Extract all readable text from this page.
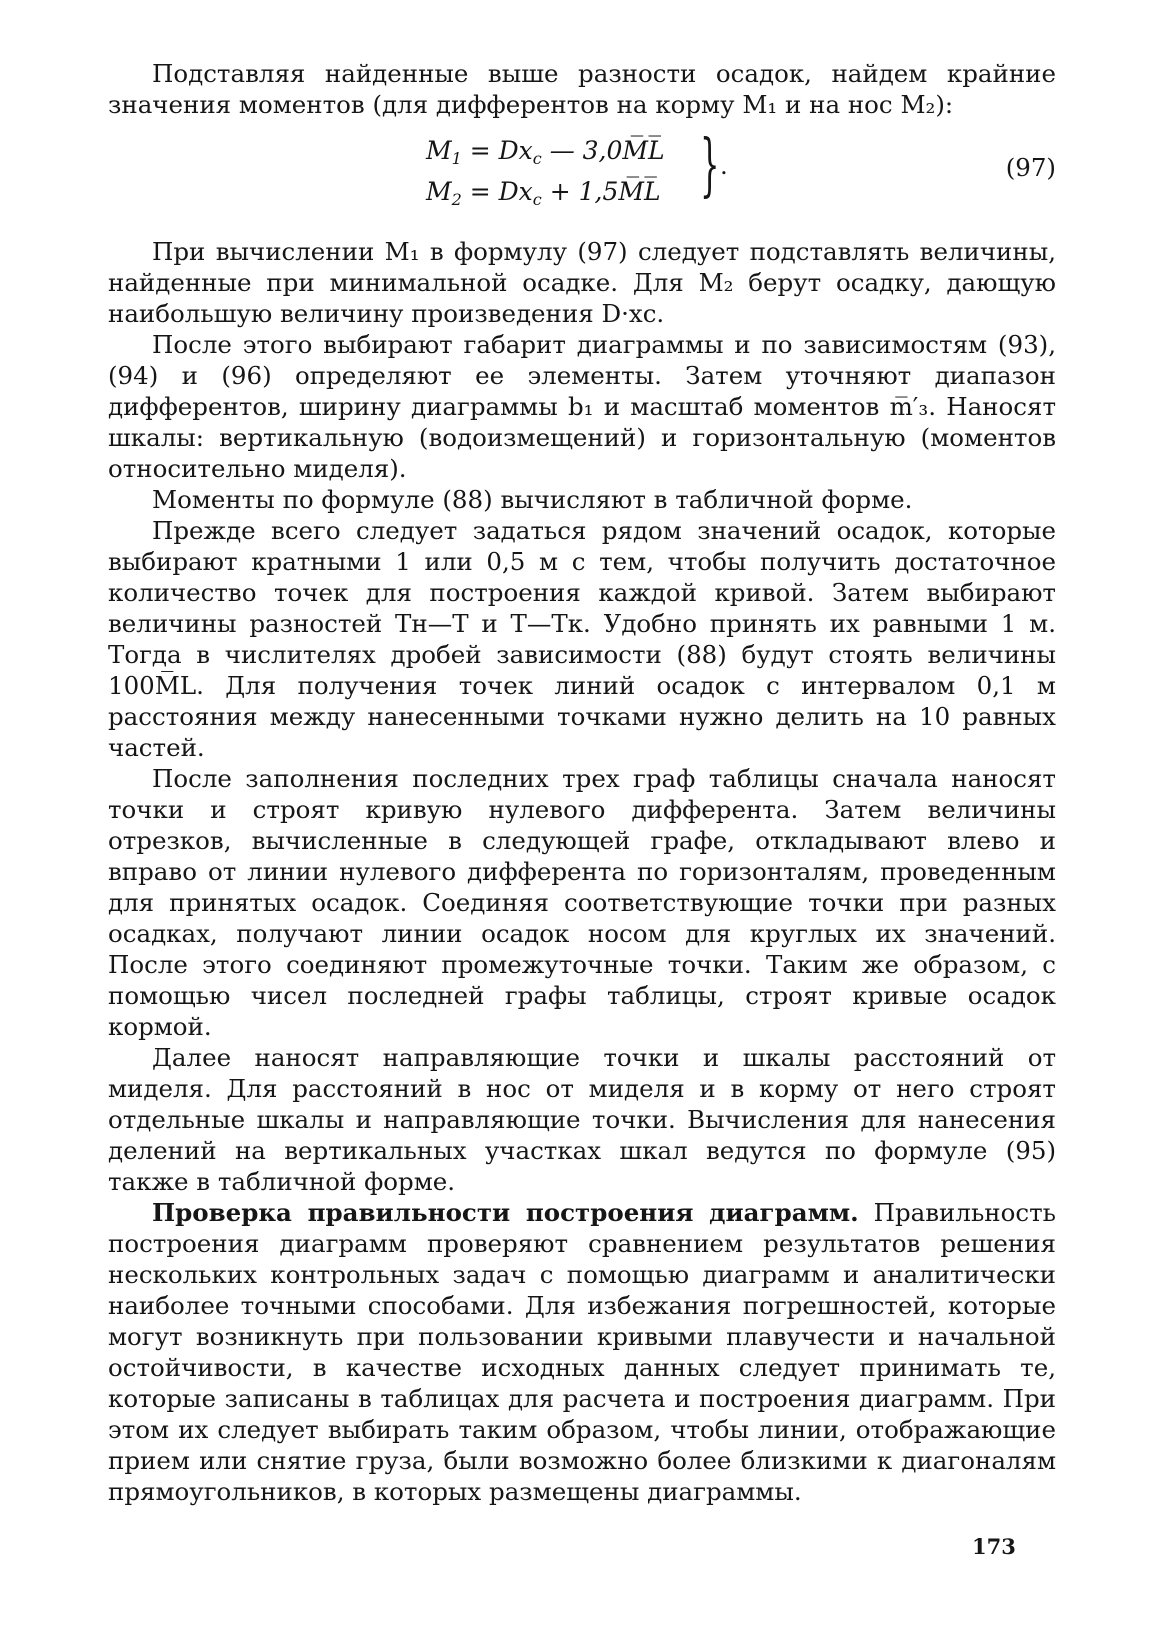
Подставляя найденные выше разности осадок, найдем крайние значения моментов (для дифферентов на корму M₁ и на нос M₂):

$M_1 = Dx_c$ — 3,0M̅L̅
$M_2 = Dx_c$ + 1,5M̅L̅ } .	(97)

При вычислении M₁ в формулу (97) следует подставлять величины, найденные при минимальной осадке. Для M₂ берут осадку, дающую наибольшую величину произведения D·xc.

После этого выбирают габарит диаграммы и по зависимостям (93), (94) и (96) определяют ее элементы. Затем уточняют диапазон дифферентов, ширину диаграммы b₁ и масштаб моментов m̅′₃. Наносят шкалы: вертикальную (водоизмещений) и горизонтальную (моментов относительно миделя).

Моменты по формуле (88) вычисляют в табличной форме.

Прежде всего следует задаться рядом значений осадок, которые выбирают кратными 1 или 0,5 м с тем, чтобы получить достаточное количество точек для построения каждой кривой. Затем выбирают величины разностей Tн—T и T—Tк. Удобно принять их равными 1 м. Тогда в числителях дробей зависимости (88) будут стоять величины 100M̅L. Для получения точек линий осадок с интервалом 0,1 м расстояния между нанесенными точками нужно делить на 10 равных частей.

После заполнения последних трех граф таблицы сначала наносят точки и строят кривую нулевого дифферента. Затем величины отрезков, вычисленные в следующей графе, откладывают влево и вправо от линии нулевого дифферента по горизонталям, проведенным для принятых осадок. Соединяя соответствующие точки при разных осадках, получают линии осадок носом для круглых их значений. После этого соединяют промежуточные точки. Таким же образом, с помощью чисел последней графы таблицы, строят кривые осадок кормой.

Далее наносят направляющие точки и шкалы расстояний от миделя. Для расстояний в нос от миделя и в корму от него строят отдельные шкалы и направляющие точки. Вычисления для нанесения делений на вертикальных участках шкал ведутся по формуле (95) также в табличной форме.

Проверка правильности построения диаграмм. Правильность построения диаграмм проверяют сравнением результатов решения нескольких контрольных задач с помощью диаграмм и аналитически наиболее точными способами. Для избежания погрешностей, которые могут возникнуть при пользовании кривыми плавучести и начальной остойчивости, в качестве исходных данных следует принимать те, которые записаны в таблицах для расчета и построения диаграмм. При этом их следует выбирать таким образом, чтобы линии, отображающие прием или снятие груза, были возможно более близкими к диагоналям прямоугольников, в которых размещены диаграммы.

173
